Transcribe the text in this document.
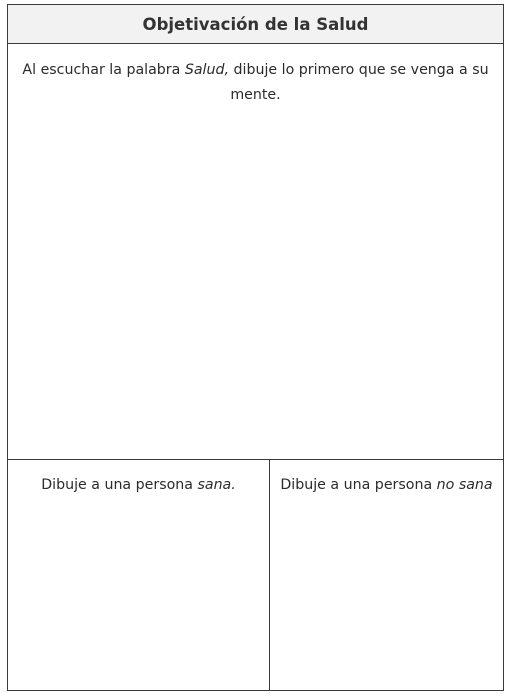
Objetivación de la Salud
Al escuchar la palabra Salud, dibuje lo primero que se venga a su mente.
Dibuje a una persona sana.	Dibuje a una persona no sana
